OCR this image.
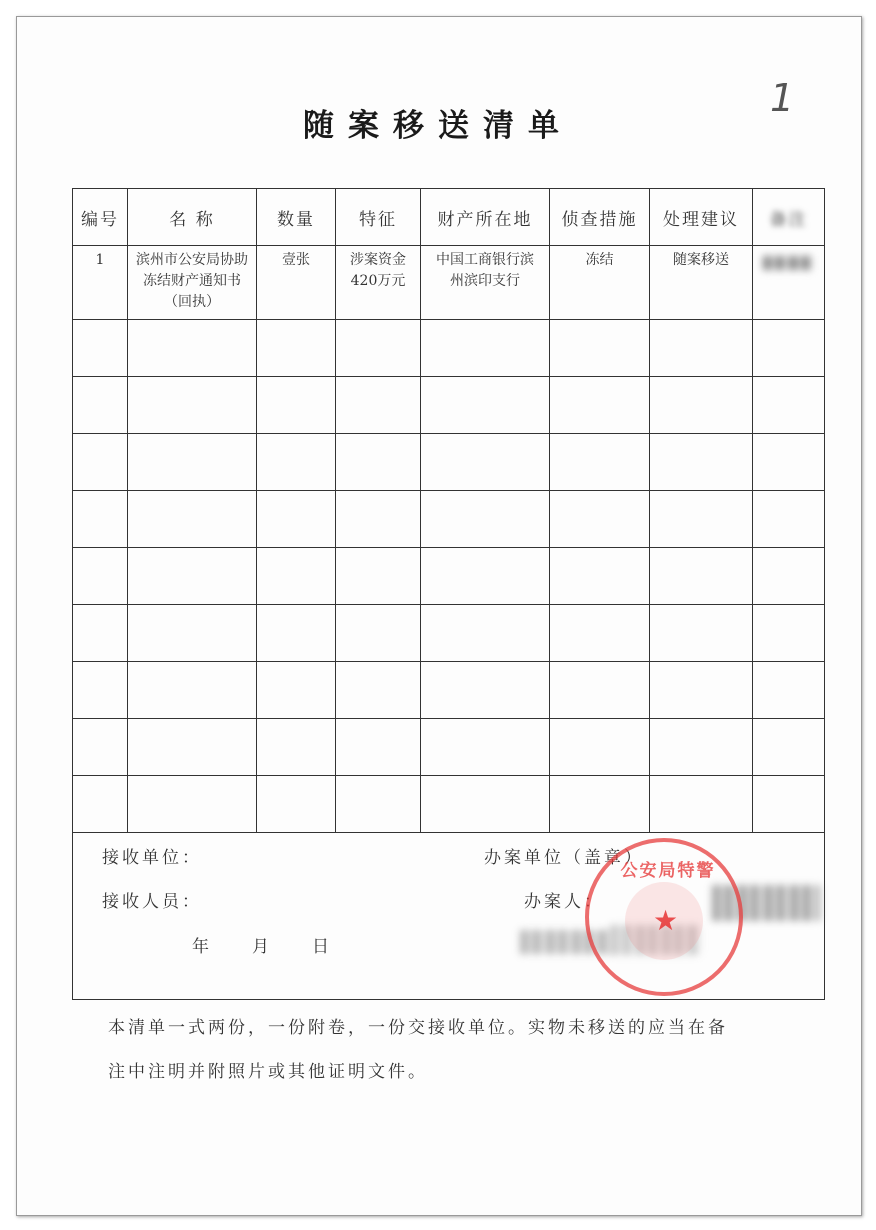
1
随案移送清单
编号	名 称	数量	特征	财产所在地	侦查措施	处理建议	备注
1	滨州市公安局协助冻结财产通知书（回执）	壹张	涉案资金420万元	中国工商银行滨州滨印支行	冻结	随案移送	

接收单位：
接收人员：
年　　月　　日
办案单位（盖章）
办案人：
公安局特警
★
本清单一式两份，一份附卷，一份交接收单位。实物未移送的应当在备
注中注明并附照片或其他证明文件。
